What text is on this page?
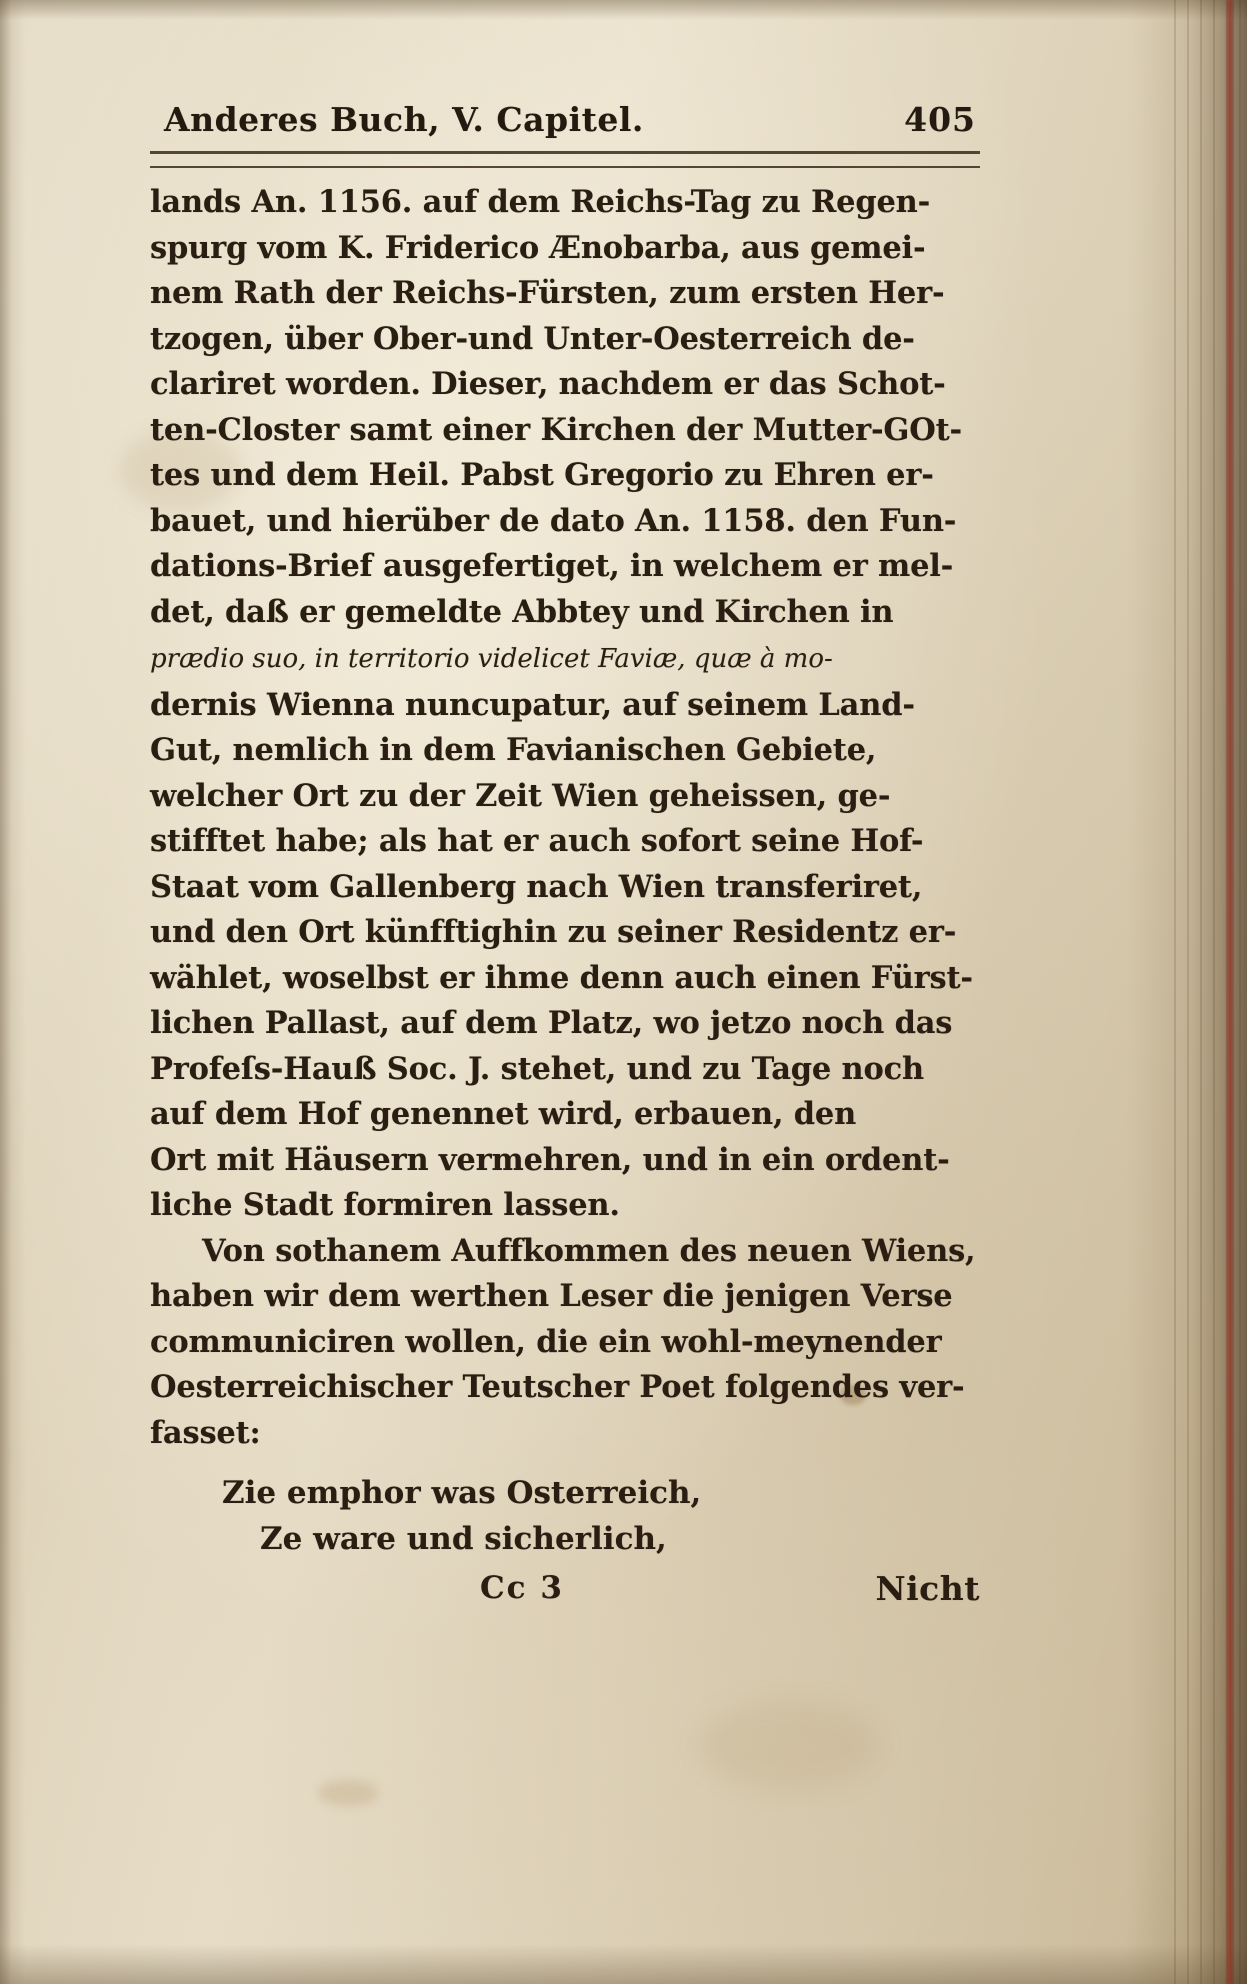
Anderes Buch, V. Capitel.	405

lands An. 1156. auf dem Reichs-Tag zu Regen-
spurg vom K. Friderico Ænobarba, aus gemei-
nem Rath der Reichs-Fürsten, zum ersten Her-
tzogen, über Ober-und Unter-Oesterreich de-
clariret worden. Dieser, nachdem er das Schot-
ten-Closter samt einer Kirchen der Mutter-GOt-
tes und dem Heil. Pabst Gregorio zu Ehren er-
bauet, und hierüber de dato An. 1158. den Fun-
dations-Brief ausgefertiget, in welchem er mel-
det, daß er gemeldte Abbtey und Kirchen in
prædio suo, in territorio videlicet Faviæ, quæ à mo-
dernis Wienna nuncupatur, auf seinem Land-
Gut, nemlich in dem Favianischen Gebiete,
welcher Ort zu der Zeit Wien geheissen, ge-
stifftet habe; als hat er auch sofort seine Hof-
Staat vom Gallenberg nach Wien transferiret,
und den Ort künfftighin zu seiner Residentz er-
wählet, woselbst er ihme denn auch einen Fürst-
lichen Pallast, auf dem Platz, wo jetzo noch das
Profeſs-Hauß Soc. J. stehet, und zu Tage noch
auf dem Hof genennet wird, erbauen, den
Ort mit Häusern vermehren, und in ein ordent-
liche Stadt formiren lassen.

Von sothanem Auffkommen des neuen Wiens,
haben wir dem werthen Leser die jenigen Verse
communiciren wollen, die ein wohl-meynender
Oesterreichischer Teutscher Poet folgendes ver-
fasset:

Zie emphor was Osterreich,
Ze ware und sicherlich,
Cc 3	Nicht
